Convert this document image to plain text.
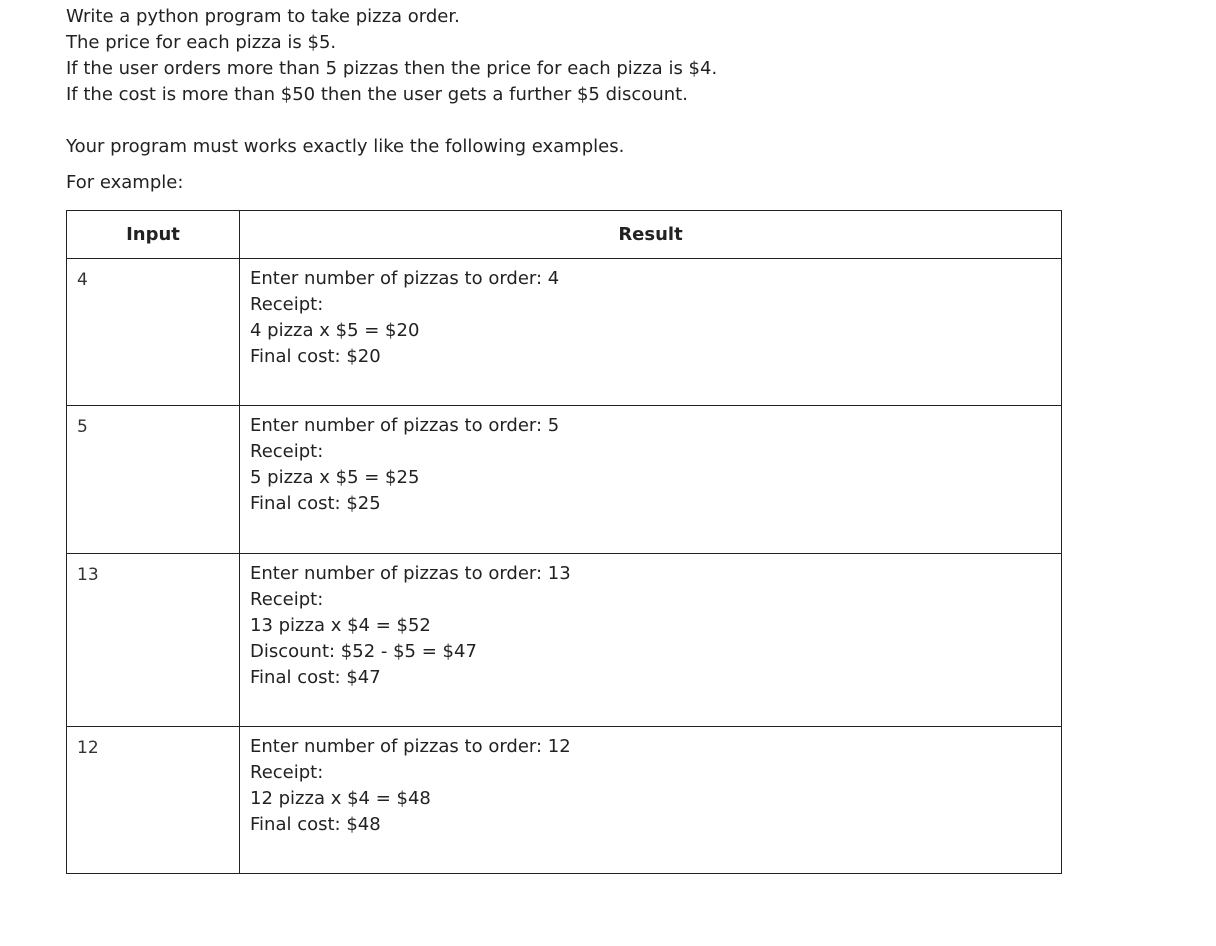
Write a python program to take pizza order.
The price for each pizza is $5.
If the user orders more than 5 pizzas then the price for each pizza is $4.
If the cost is more than $50 then the user gets a further $5 discount.
Your program must works exactly like the following examples.
For example:
Input	Result
4	Enter number of pizzas to order: 4
Receipt:
4 pizza x $5 = $20
Final cost: $20

5	Enter number of pizzas to order: 5
Receipt:
5 pizza x $5 = $25
Final cost: $25

13	Enter number of pizzas to order: 13
Receipt:
13 pizza x $4 = $52
Discount: $52 - $5 = $47
Final cost: $47

12	Enter number of pizzas to order: 12
Receipt:
12 pizza x $4 = $48
Final cost: $48
